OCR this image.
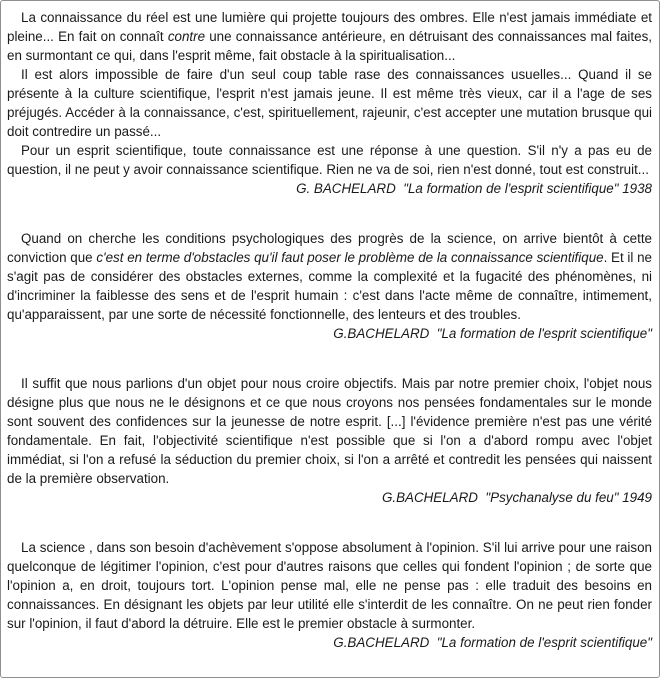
La connaissance du réel est une lumière qui projette toujours des ombres. Elle n'est jamais immédiate et pleine... En fait on connaît contre une connaissance antérieure, en détruisant des connaissances mal faites, en surmontant ce qui, dans l'esprit même, fait obstacle à la spiritualisation...

Il est alors impossible de faire d'un seul coup table rase des connaissances usuelles... Quand il se présente à la culture scientifique, l'esprit n'est jamais jeune. Il est même très vieux, car il a l'age de ses préjugés. Accéder à la connaissance, c'est, spirituellement, rajeunir, c'est accepter une mutation brusque qui doit contredire un passé...

Pour un esprit scientifique, toute connaissance est une réponse à une question. S'il n'y a pas eu de question, il ne peut y avoir connaissance scientifique. Rien ne va de soi, rien n'est donné, tout est construit...

G. BACHELARD  "La formation de l'esprit scientifique" 1938

Quand on cherche les conditions psychologiques des progrès de la science, on arrive bientôt à cette conviction que c'est en terme d'obstacles qu'il faut poser le problème de la connaissance scientifique. Et il ne s'agit pas de considérer des obstacles externes, comme la complexité et la fugacité des phénomènes, ni d'incriminer la faiblesse des sens et de l'esprit humain : c'est dans l'acte même de connaître, intimement, qu'apparaissent, par une sorte de nécessité fonctionnelle, des lenteurs et des troubles.

G.BACHELARD  "La formation de l'esprit scientifique"

Il suffit que nous parlions d'un objet pour nous croire objectifs. Mais par notre premier choix, l'objet nous désigne plus que nous ne le désignons et ce que nous croyons nos pensées fondamentales sur le monde sont souvent des confidences sur la jeunesse de notre esprit. [...] l'évidence première n'est pas une vérité fondamentale. En fait, l'objectivité scientifique n'est possible que si l'on a d'abord rompu avec l'objet immédiat, si l'on a refusé la séduction du premier choix, si l'on a arrêté et contredit les pensées qui naissent de la première observation.

G.BACHELARD  "Psychanalyse du feu" 1949

La science , dans son besoin d'achèvement s'oppose absolument à l'opinion. S'il lui arrive pour une raison quelconque de légitimer l'opinion, c'est pour d'autres raisons que celles qui fondent l'opinion ; de sorte que l'opinion a, en droit, toujours tort. L'opinion pense mal, elle ne pense pas : elle traduit des besoins en connaissances. En désignant les objets par leur utilité elle s'interdit de les connaître. On ne peut rien fonder sur l'opinion, il faut d'abord la détruire. Elle est le premier obstacle à surmonter.

G.BACHELARD  "La formation de l'esprit scientifique"
